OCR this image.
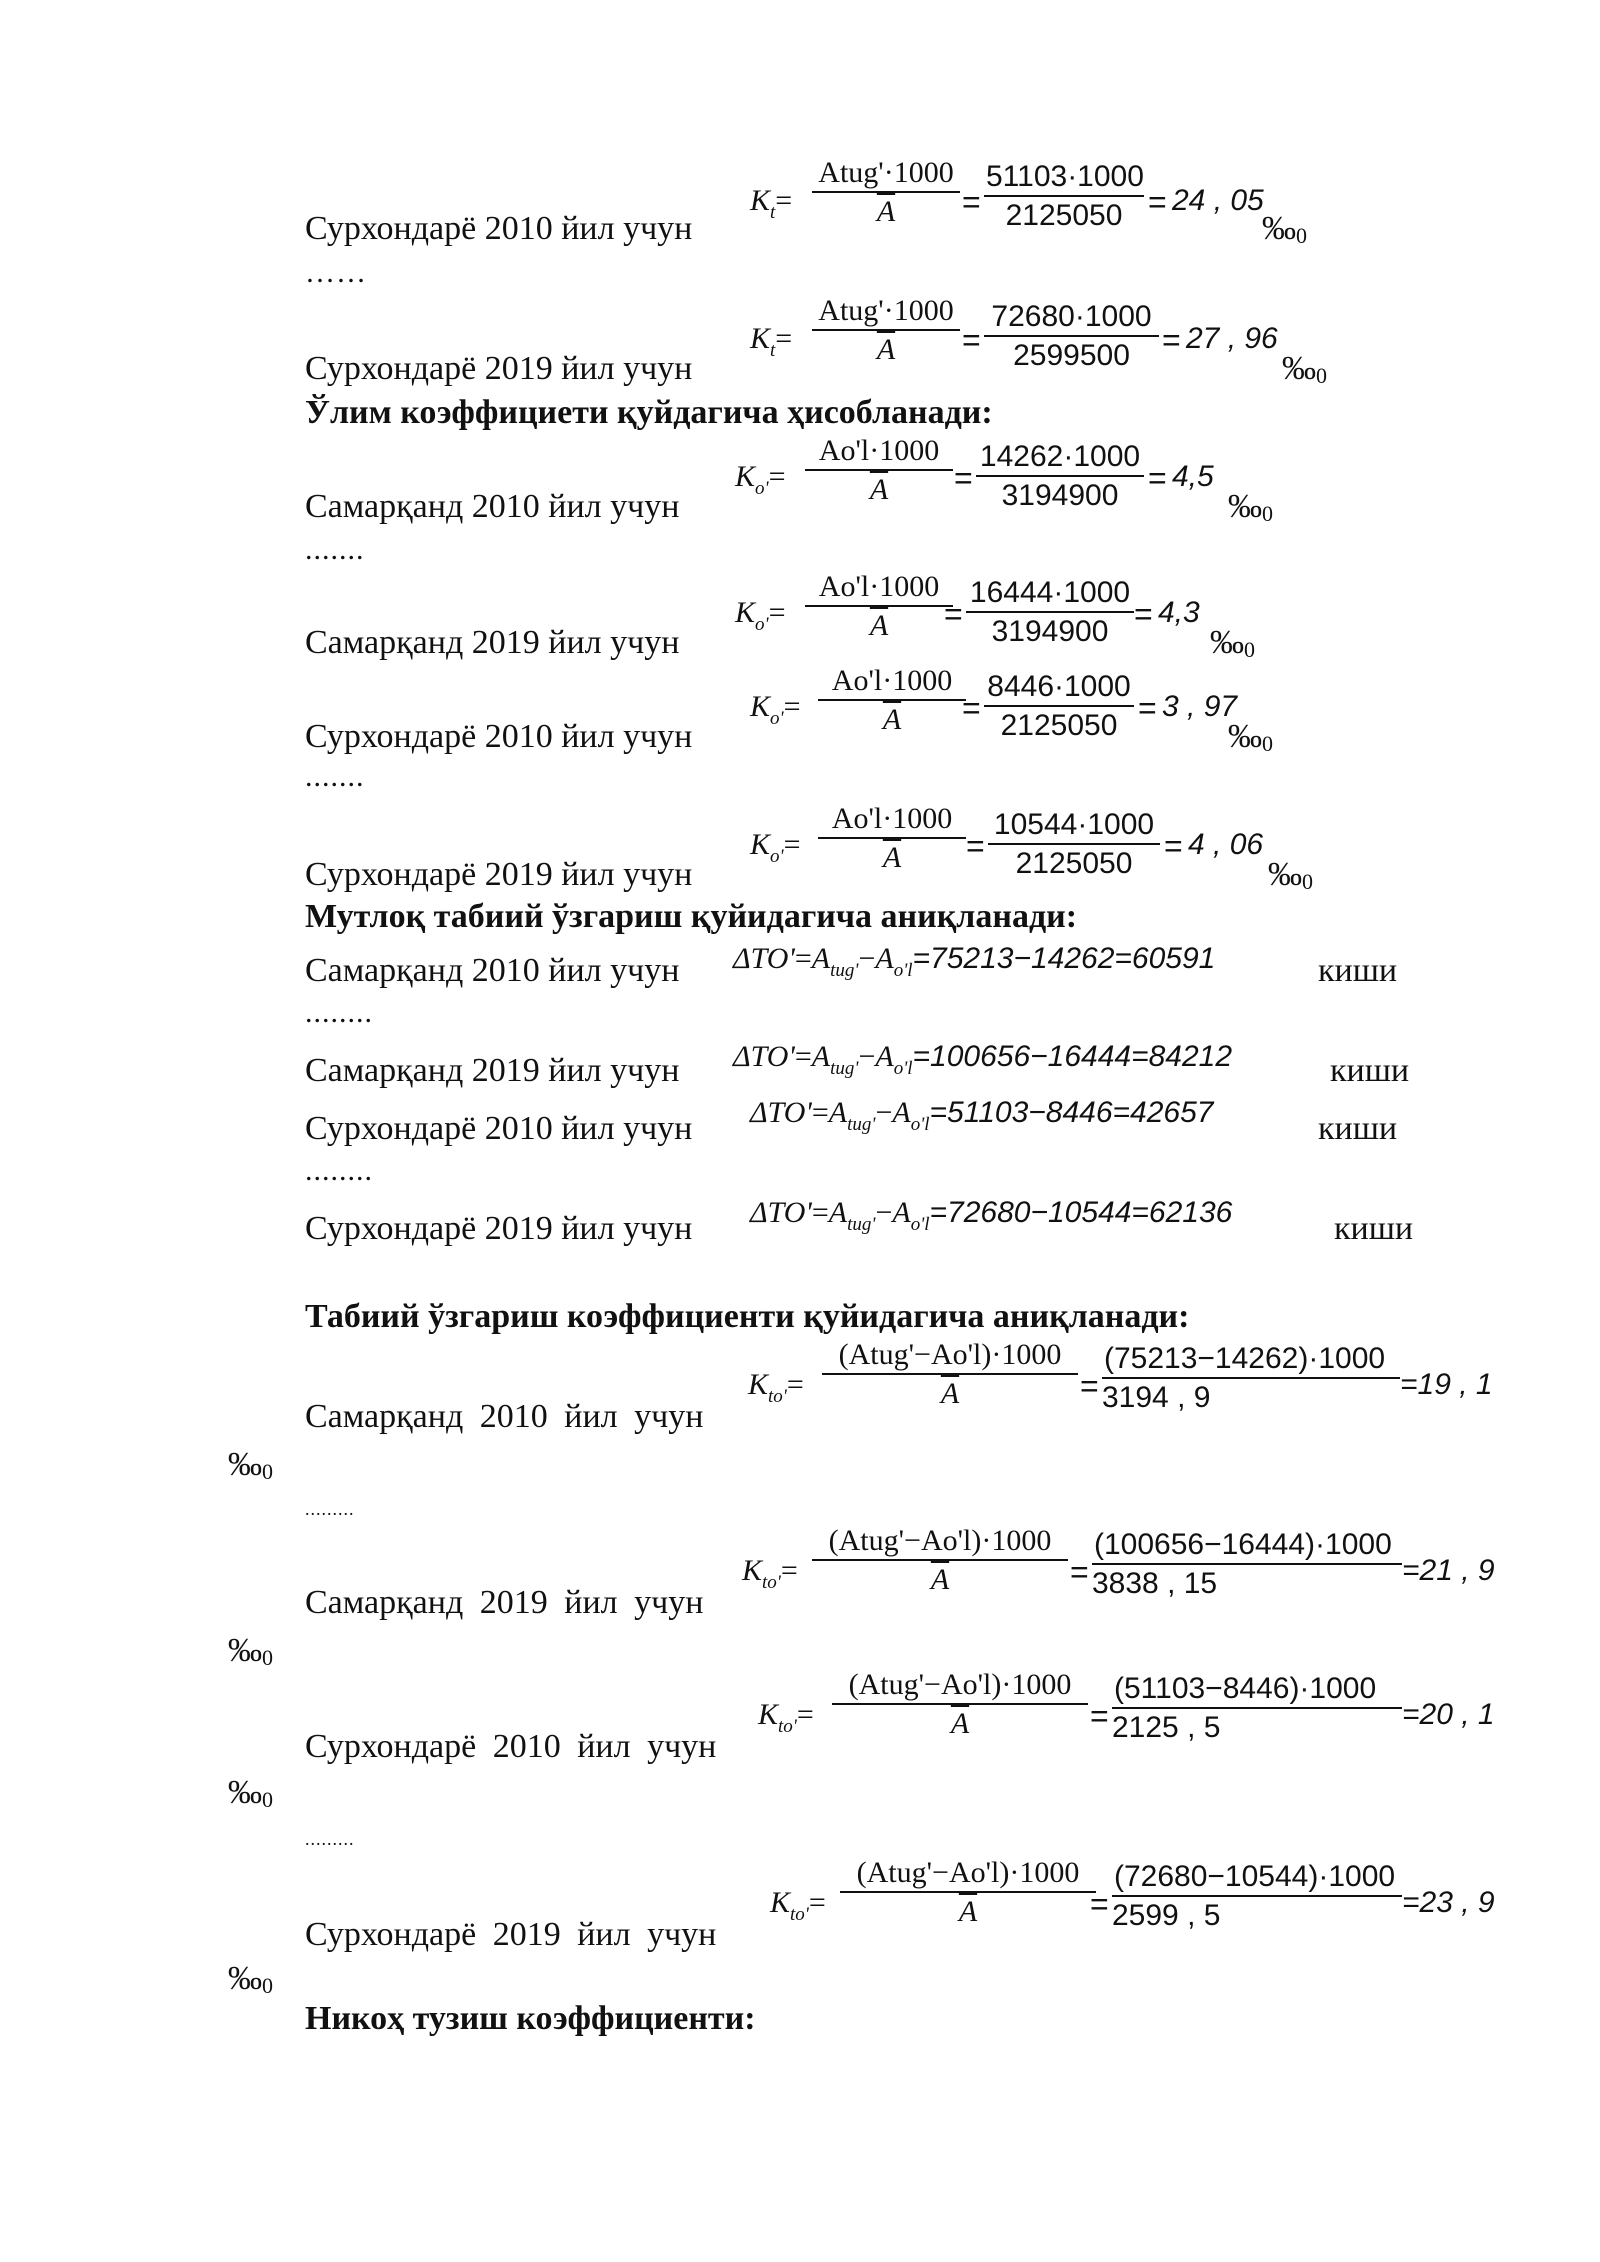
Сурхондарё 2010 йил учун
$K_t=$
Atug'·1000
$\overline{A}$	=
51103·1000
2125050 = 24 , 05
$‰_0$
……
Сурхондарё 2019 йил учун
$K_t=$
Atug'·1000
$\overline{A}$	=
72680·1000
2599500	= 27 , 96
$‰_0$
Ўлим коэффициети қуйдагича ҳисобланади:
Самарқанд 2010 йил учун
$K_{o'}=$
Ao'l·1000
$\overline{A}$	=
14262·1000
3194900 = 4,5
$‰_0$
.......
Самарқанд 2019 йил учун
$K_{o'}=$
Ao'l·1000
$\overline{A}$	=
16444·1000
3194900 = 4,3
$‰_0$
Сурхондарё 2010 йил учун
$K_{o'}=$
Ao'l·1000
$\overline{A}$	=
8446·1000
2125050 = 3 , 97
$‰_0$
.......
Сурхондарё 2019 йил учун
$K_{o'}=$
Ao'l·1000
$\overline{A}$	=
10544·1000
2125050 = 4 , 06
$‰_0$
Мутлоқ табиий ўзгариш қуйидагича аниқланади:
Самарқанд 2010 йил учун $\Delta TO'=A_{tug'}-A_{o'l}=75213-14262=60591$	киши
........
Самарқанд 2019 йил учун $\Delta TO'=A_{tug'}-A_{o'l}=100656-16444=84212$	киши
Сурхондарё 2010 йил учун $\Delta TO'=A_{tug'}-A_{o'l}=51103-8446=42657$	киши
........
Сурхондарё 2019 йил учун $\Delta TO'=A_{tug'}-A_{o'l}=72680-10544=62136$	киши
Табиий ўзгариш коэффициенти қуйидагича аниқланади:
Самарқанд 2010 йил учун
$K_{to'}=$
(Atug'−Ao'l)·1000
$\overline{A}$	=
(75213−14262)·1000
3194 , 9	=19 , 1
$‰_0$
.........
Самарқанд 2019 йил учун
$K_{to'}=$
(Atug'−Ao'l)·1000
$\overline{A}$	=
(100656−16444)·1000
3838 , 15	=21 , 9
$‰_0$
Сурхондарё 2010 йил учун
$K_{to'}=$
(Atug'−Ao'l)·1000
$\overline{A}$	=
(51103−8446)·1000
2125 , 5	=20 , 1
$‰_0$
.........
Сурхондарё 2019 йил учун
$K_{to'}=$
(Atug'−Ao'l)·1000
$\overline{A}$	=
(72680−10544)·1000
2599 , 5	=23 , 9
$‰_0$
Никоҳ тузиш коэффициенти:
